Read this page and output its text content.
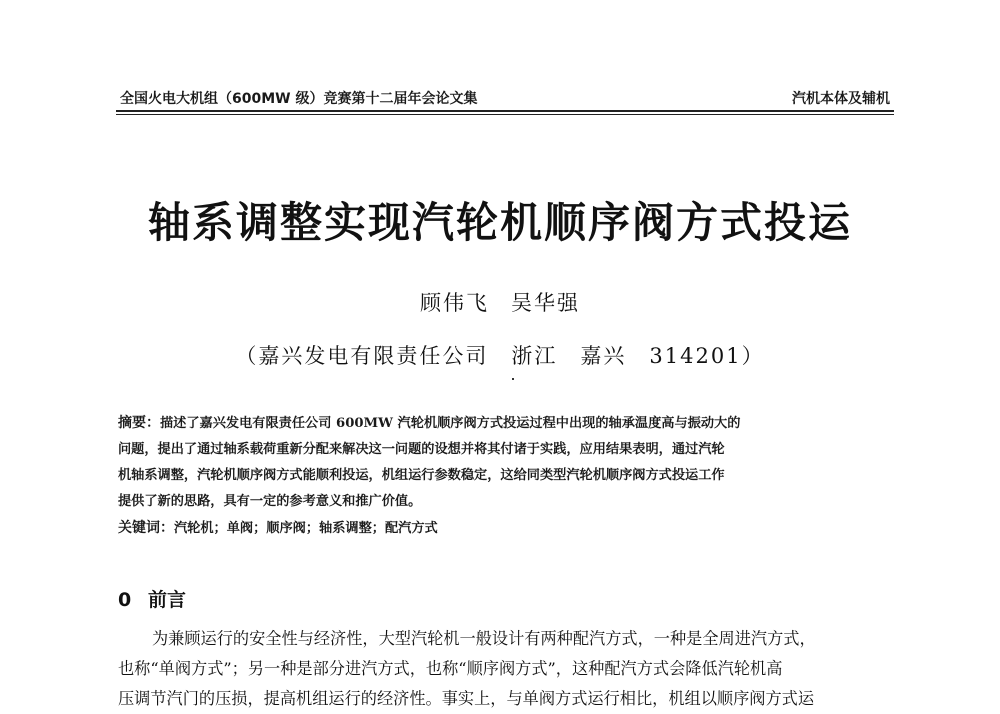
全国火电大机组（600MW 级）竞赛第十二届年会论文集	汽机本体及辅机
轴系调整实现汽轮机顺序阀方式投运
顾伟飞 吴华强
（嘉兴发电有限责任公司　浙江　嘉兴　314201）
摘要：描述了嘉兴发电有限责任公司 600MW 汽轮机顺序阀方式投运过程中出现的轴承温度高与振动大的
问题，提出了通过轴系载荷重新分配来解决这一问题的设想并将其付诸于实践，应用结果表明，通过汽轮
机轴系调整，汽轮机顺序阀方式能顺利投运，机组运行参数稳定，这给同类型汽轮机顺序阀方式投运工作
提供了新的思路，具有一定的参考意义和推广价值。
关键词：汽轮机；单阀；顺序阀；轴系调整；配汽方式
0 前言
为兼顾运行的安全性与经济性，大型汽轮机一般设计有两种配汽方式，一种是全周进汽方式，
也称“单阀方式”；另一种是部分进汽方式，也称“顺序阀方式”，这种配汽方式会降低汽轮机高
压调节汽门的压损，提高机组运行的经济性。事实上，与单阀方式运行相比，机组以顺序阀方式运
